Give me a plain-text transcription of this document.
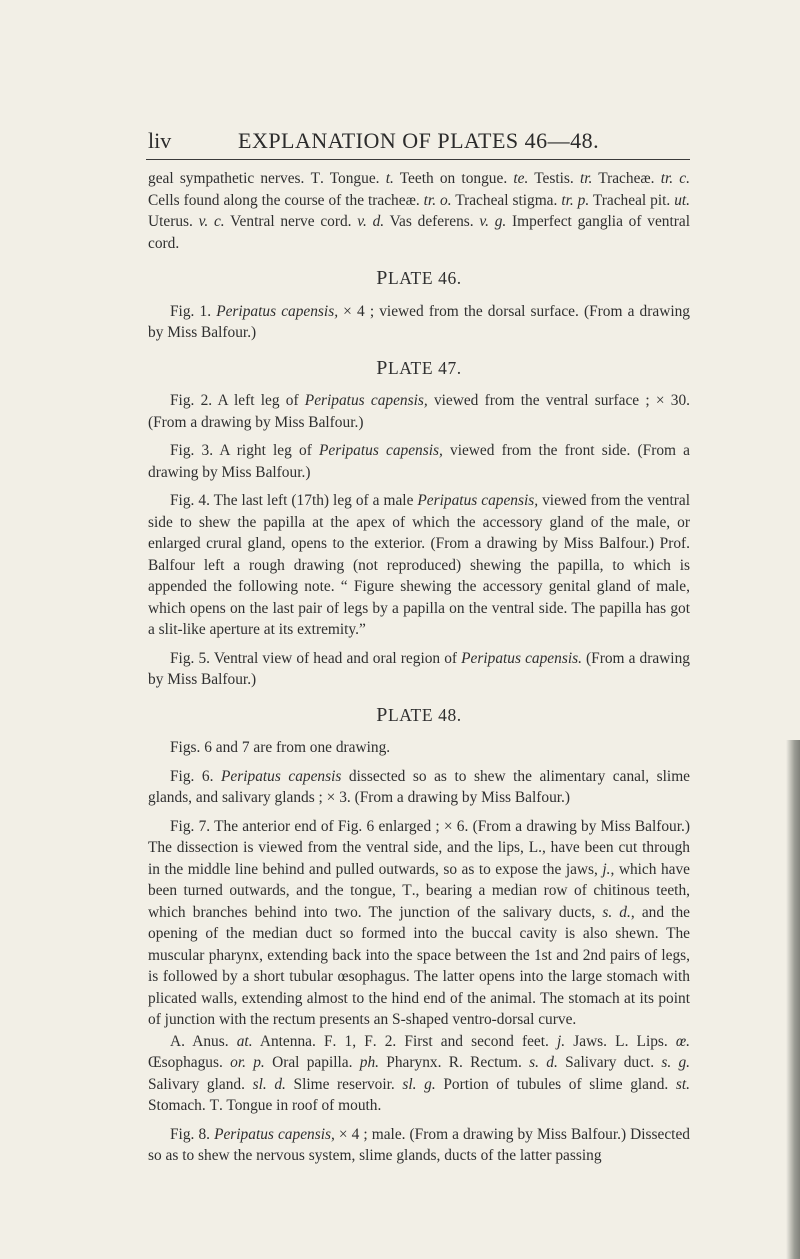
liv	EXPLANATION OF PLATES 46—48.

geal sympathetic nerves. T. Tongue. t. Teeth on tongue. te. Testis. tr. Tracheæ. tr. c. Cells found along the course of the tracheæ. tr. o. Tracheal stigma. tr. p. Tracheal pit. ut. Uterus. v. c. Ventral nerve cord. v. d. Vas deferens. v. g. Imperfect ganglia of ventral cord.

PLATE 46.

Fig. 1. Peripatus capensis, × 4 ; viewed from the dorsal surface. (From a drawing by Miss Balfour.)

PLATE 47.

Fig. 2. A left leg of Peripatus capensis, viewed from the ventral surface ; × 30. (From a drawing by Miss Balfour.)

Fig. 3. A right leg of Peripatus capensis, viewed from the front side. (From a drawing by Miss Balfour.)

Fig. 4. The last left (17th) leg of a male Peripatus capensis, viewed from the ventral side to shew the papilla at the apex of which the accessory gland of the male, or enlarged crural gland, opens to the exterior. (From a drawing by Miss Balfour.) Prof. Balfour left a rough drawing (not reproduced) shewing the papilla, to which is appended the following note. “ Figure shewing the accessory genital gland of male, which opens on the last pair of legs by a papilla on the ventral side. The papilla has got a slit-like aperture at its extremity.”

Fig. 5. Ventral view of head and oral region of Peripatus capensis. (From a drawing by Miss Balfour.)

PLATE 48.

Figs. 6 and 7 are from one drawing.

Fig. 6. Peripatus capensis dissected so as to shew the alimentary canal, slime glands, and salivary glands ; × 3. (From a drawing by Miss Balfour.)

Fig. 7. The anterior end of Fig. 6 enlarged ; × 6. (From a drawing by Miss Balfour.) The dissection is viewed from the ventral side, and the lips, L., have been cut through in the middle line behind and pulled outwards, so as to expose the jaws, j., which have been turned outwards, and the tongue, T., bearing a median row of chitinous teeth, which branches behind into two. The junction of the salivary ducts, s. d., and the opening of the median duct so formed into the buccal cavity is also shewn. The muscular pharynx, extending back into the space between the 1st and 2nd pairs of legs, is followed by a short tubular œsophagus. The latter opens into the large stomach with plicated walls, extending almost to the hind end of the animal. The stomach at its point of junction with the rectum presents an S-shaped ventro-dorsal curve.

A. Anus. at. Antenna. F. 1, F. 2. First and second feet. j. Jaws. L. Lips. œ. Œsophagus. or. p. Oral papilla. ph. Pharynx. R. Rectum. s. d. Salivary duct. s. g. Salivary gland. sl. d. Slime reservoir. sl. g. Portion of tubules of slime gland. st. Stomach. T. Tongue in roof of mouth.

Fig. 8. Peripatus capensis, × 4 ; male. (From a drawing by Miss Balfour.) Dissected so as to shew the nervous system, slime glands, ducts of the latter passing
